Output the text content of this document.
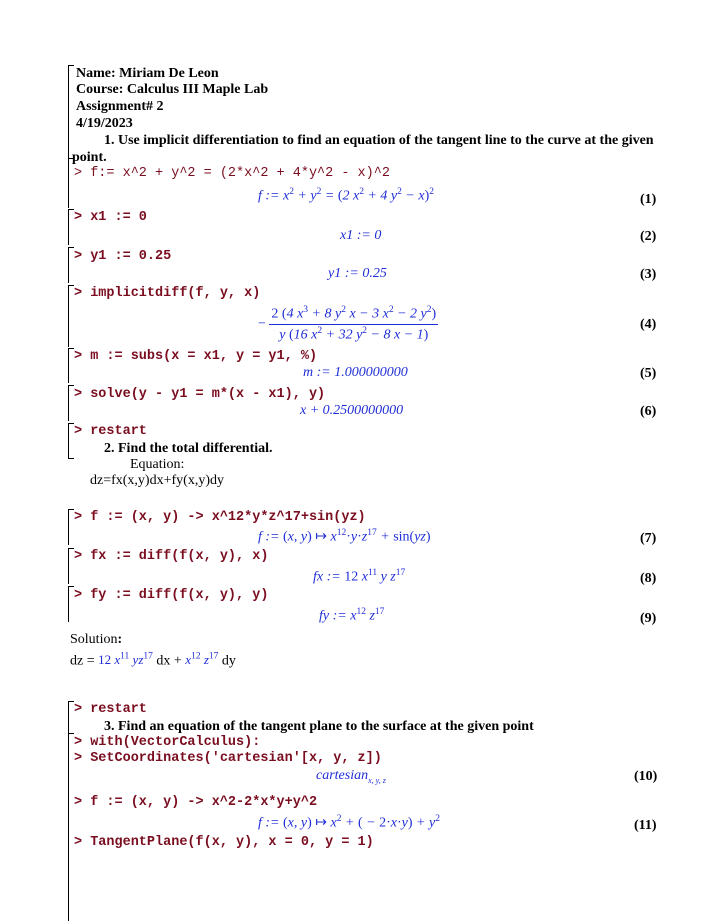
Name: Miriam De Leon
Course: Calculus III Maple Lab
Assignment# 2
4/19/2023
1. Use implicit differentiation to find an equation of the tangent line to the curve at the given
point.
> f:= x^2 + y^2 = (2*x^2 + 4*y^2 - x)^2
f := $x^2 + y^2 = (2$ $x^2 + 4$ $y^2 - x)^2$	(1)
> x1 := 0
x1 := 0	(2)
> y1 := 0.25
y1 := 0.25	(3)
> implicitdiff(f, y, x)
− $\frac{2 (4 x^3 + 8 y^2 x - 3 x^2 - 2 y^2)}{y (16 x^2 + 32 y^2 - 8 x - 1)}$	(4)
> m := subs(x = x1, y = y1, %)
m := 1.000000000	(5)
> solve(y - y1 = m*(x - x1), y)
x + 0.2500000000	(6)
> restart
2. Find the total differential.
Equation:
dz=fx(x,y)dx+fy(x,y)dy
> f := (x, y) -> x^12*y*z^17+sin(yz)
f := (x, y) ↦ $x^{12}\cdot y\cdot z^{17} + \sin(yz)$	(7)
> fx := diff(f(x, y), x)
fx := 12 $x^{11}$ y $z^{17}$	(8)
> fy := diff(f(x, y), y)
fy := $x^{12}$ $z^{17}$	(9)
Solution:
dz = 12 $x^{11}$ $yz^{17}$ dx + $x^{12}$ $z^{17}$ dy
> restart
3. Find an equation of the tangent plane to the surface at the given point
> with(VectorCalculus):
> SetCoordinates('cartesian'[x, y, z])
cartesian$_{x, y, z}$	(10)
> f := (x, y) -> x^2-2*x*y+y^2
f := (x, y) ↦ $x^2$ + ( − $2\cdot x\cdot y) + y^2$	(11)
> TangentPlane(f(x, y), x = 0, y = 1)
